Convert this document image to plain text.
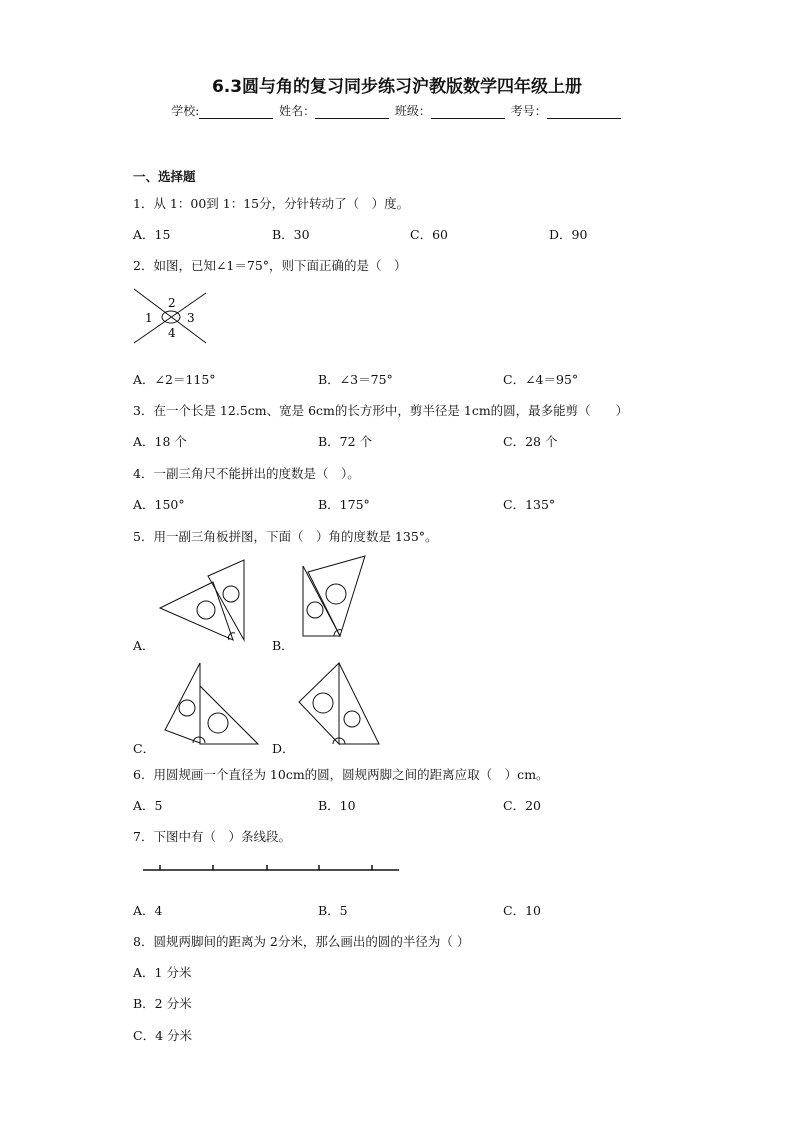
6.3圆与角的复习同步练习沪教版数学四年级上册
学校:	姓名：	班级：	考号：
一、选择题
1．从 1：00到 1：15分，分针转动了（　）度。
A．15	B．30	C．60	D．90
2．如图，已知∠1＝75°，则下面正确的是（　）
1
2
3
4
A．∠2＝115°	B．∠3＝75°	C．∠4＝95°
3．在一个长是 12.5cm、宽是 6cm的长方形中，剪半径是 1cm的圆，最多能剪（　　）
A．18 个	B．72 个	C．28 个
4．一副三角尺不能拼出的度数是（　）。
A．150°	B．175°	C．135°
5．用一副三角板拼图，下面（　）角的度数是 135°。
A．	B．
C．	D．
6．用圆规画一个直径为 10cm的圆，圆规两脚之间的距离应取（　）cm。
A．5	B．10	C．20
7．下图中有（　）条线段。
A．4	B．5	C．10
8．圆规两脚间的距离为 2分米，那么画出的圆的半径为（ ）
A．1 分米
B．2 分米
C．4 分米
